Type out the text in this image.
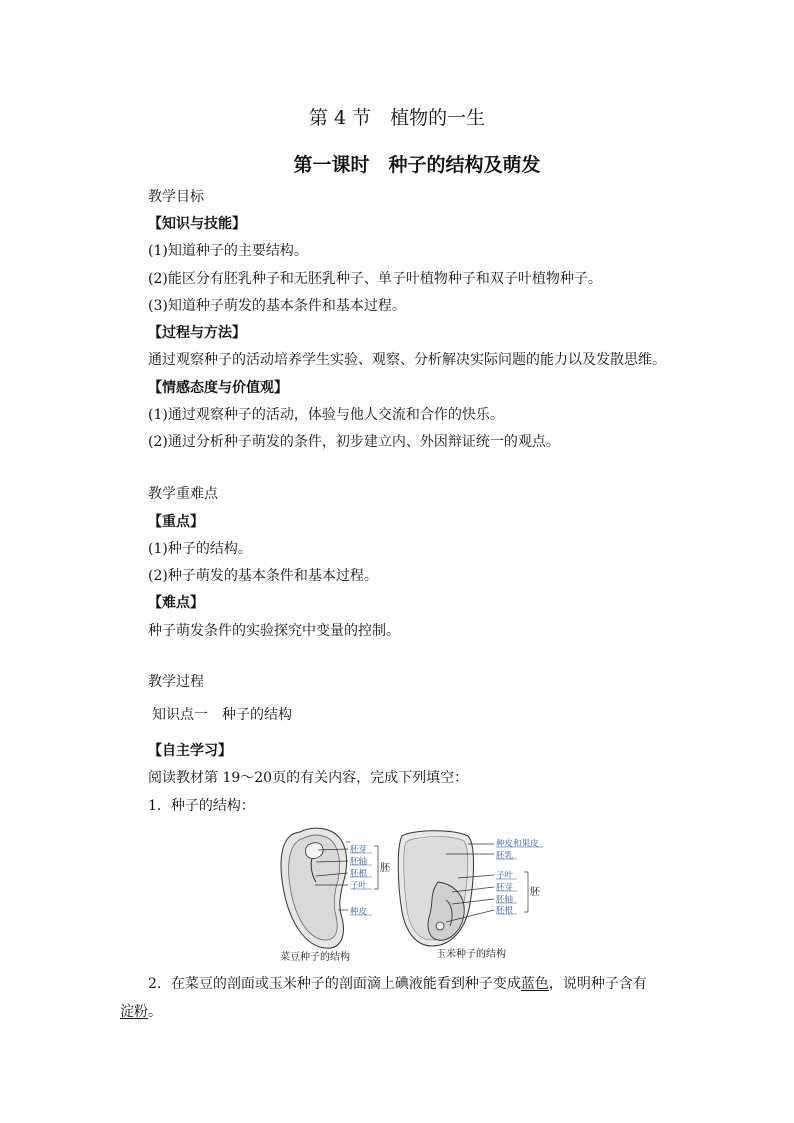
第 4 节　植物的一生
第一课时　种子的结构及萌发
教学目标
【知识与技能】
(1)知道种子的主要结构。
(2)能区分有胚乳种子和无胚乳种子、单子叶植物种子和双子叶植物种子。
(3)知道种子萌发的基本条件和基本过程。
【过程与方法】
通过观察种子的活动培养学生实验、观察、分析解决实际问题的能力以及发散思维。
【情感态度与价值观】
(1)通过观察种子的活动，体验与他人交流和合作的快乐。
(2)通过分析种子萌发的条件，初步建立内、外因辩证统一的观点。
教学重难点
【重点】
(1)种子的结构。
(2)种子萌发的基本条件和基本过程。
【难点】
种子萌发条件的实验探究中变量的控制。
教学过程
知识点一　种子的结构
【自主学习】
阅读教材第 19～20页的有关内容，完成下列填空：
1．种子的结构：
胚芽
胚轴
胚根
子叶
种皮
胚
菜豆种子的结构
种皮和果皮
胚乳
子叶
胚芽
胚轴
胚根
胚
玉米种子的结构
2．在菜豆的剖面或玉米种子的剖面滴上碘液能看到种子变成蓝色，说明种子含有
淀粉。
